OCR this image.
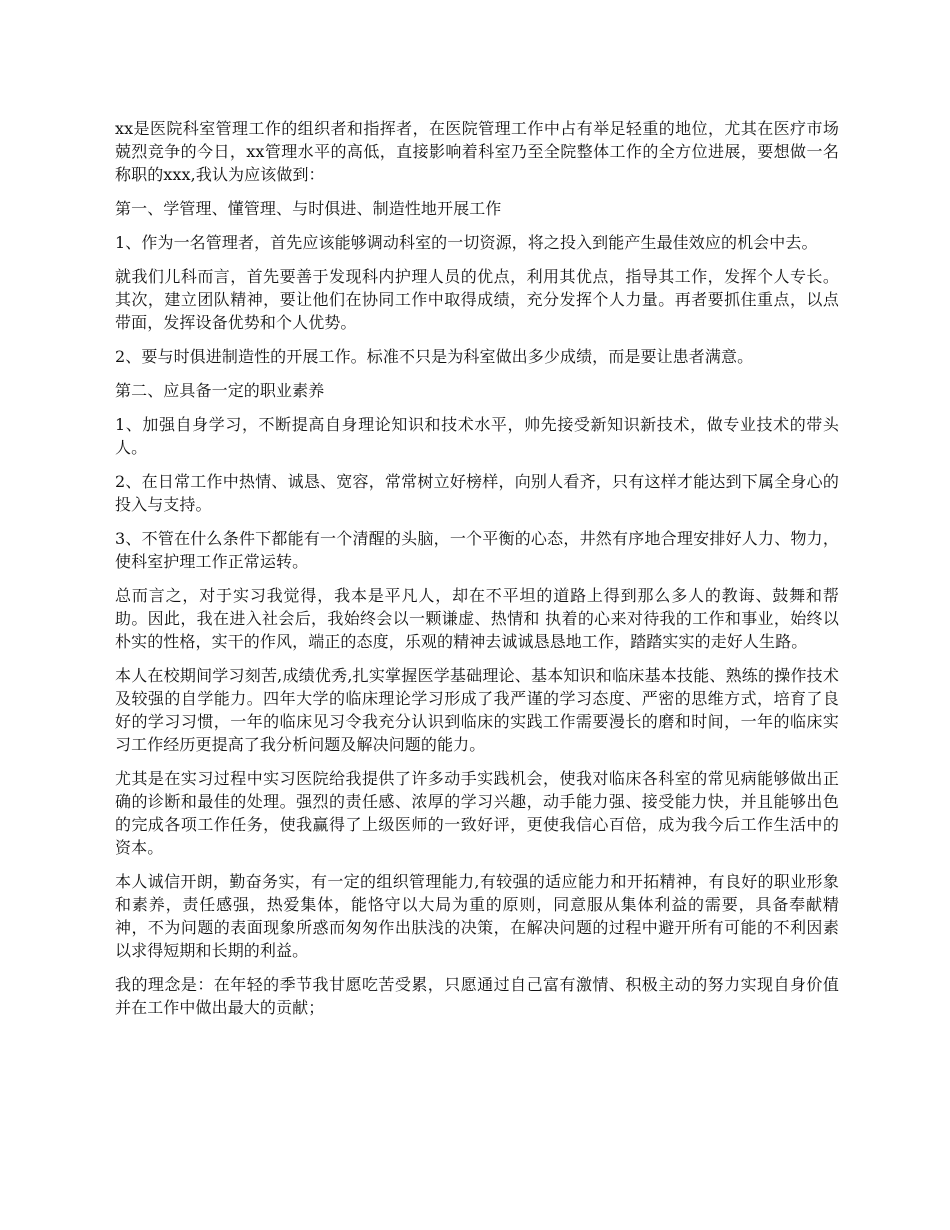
xx是医院科室管理工作的组织者和指挥者，在医院管理工作中占有举足轻重的地位，尤其在医疗市场兢烈竞争的今日，xx管理水平的高低，直接影响着科室乃至全院整体工作的全方位进展，要想做一名称职的xxx,我认为应该做到：

第一、学管理、懂管理、与时俱进、制造性地开展工作

1、作为一名管理者，首先应该能够调动科室的一切资源，将之投入到能产生最佳效应的机会中去。

就我们儿科而言，首先要善于发现科内护理人员的优点，利用其优点，指导其工作，发挥个人专长。其次，建立团队精神，要让他们在协同工作中取得成绩，充分发挥个人力量。再者要抓住重点，以点带面，发挥设备优势和个人优势。

2、要与时俱进制造性的开展工作。标准不只是为科室做出多少成绩，而是要让患者满意。

第二、应具备一定的职业素养

1、加强自身学习，不断提高自身理论知识和技术水平，帅先接受新知识新技术，做专业技术的带头人。

2、在日常工作中热情、诚恳、宽容，常常树立好榜样，向别人看齐，只有这样才能达到下属全身心的投入与支持。

3、不管在什么条件下都能有一个清醒的头脑，一个平衡的心态，井然有序地合理安排好人力、物力，使科室护理工作正常运转。

总而言之，对于实习我觉得，我本是平凡人，却在不平坦的道路上得到那么多人的教诲、鼓舞和帮助。因此，我在进入社会后，我始终会以一颗谦虚、热情和 执着的心来对待我的工作和事业，始终以朴实的性格，实干的作风，端正的态度，乐观的精神去诚诚恳恳地工作，踏踏实实的走好人生路。

本人在校期间学习刻苦,成绩优秀,扎实掌握医学基础理论、基本知识和临床基本技能、熟练的操作技术及较强的自学能力。四年大学的临床理论学习形成了我严谨的学习态度、严密的思维方式，培育了良好的学习习惯，一年的临床见习令我充分认识到临床的实践工作需要漫长的磨和时间，一年的临床实习工作经历更提高了我分析问题及解决问题的能力。

尤其是在实习过程中实习医院给我提供了许多动手实践机会，使我对临床各科室的常见病能够做出正确的诊断和最佳的处理。强烈的责任感、浓厚的学习兴趣，动手能力强、接受能力快，并且能够出色的完成各项工作任务，使我赢得了上级医师的一致好评，更使我信心百倍，成为我今后工作生活中的资本。

本人诚信开朗，勤奋务实，有一定的组织管理能力,有较强的适应能力和开拓精神，有良好的职业形象和素养，责任感强，热爱集体，能恪守以大局为重的原则，同意服从集体利益的需要，具备奉献精神，不为问题的表面现象所惑而匆匆作出肤浅的决策，在解决问题的过程中避开所有可能的不利因素以求得短期和长期的利益。

我的理念是：在年轻的季节我甘愿吃苦受累，只愿通过自己富有激情、积极主动的努力实现自身价值并在工作中做出最大的贡献；
